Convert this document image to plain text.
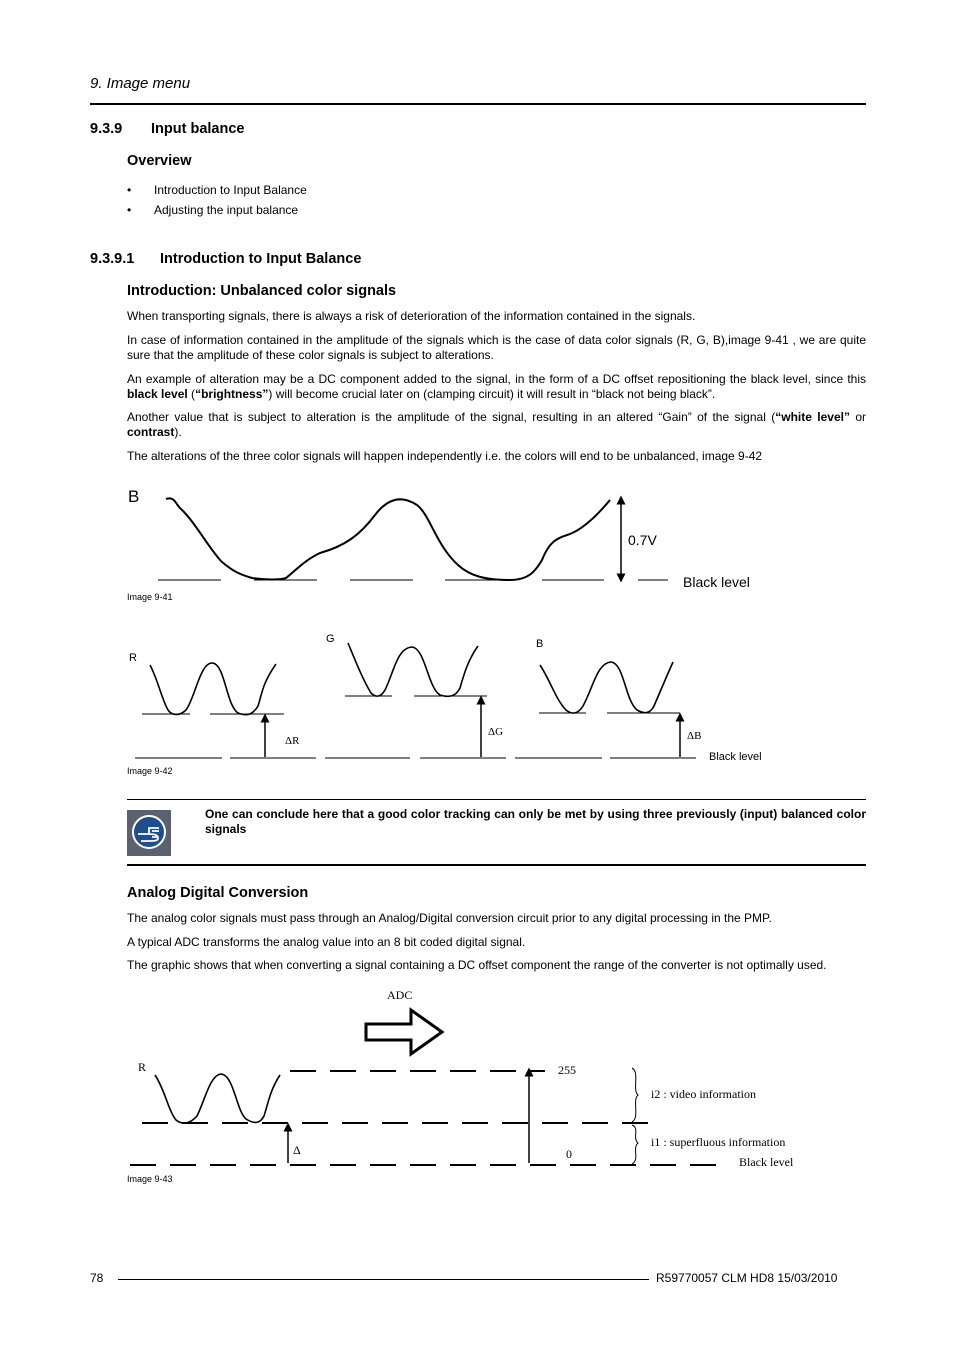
9. Image menu
9.3.9 Input balance
Overview
• Introduction to Input Balance
• Adjusting the input balance
9.3.9.1 Introduction to Input Balance
Introduction: Unbalanced color signals
When transporting signals, there is always a risk of deterioration of the information contained in the signals.
In case of information contained in the amplitude of the signals which is the case of data color signals (R, G, B),image 9-41 , we are quite sure that the amplitude of these color signals is subject to alterations.
An example of alteration may be a DC component added to the signal, in the form of a DC offset repositioning the black level, since this black level (“brightness”) will become crucial later on (clamping circuit) it will result in “black not being black”.
Another value that is subject to alteration is the amplitude of the signal, resulting in an altered “Gain” of the signal (“white level” or contrast).
The alterations of the three color signals will happen independently i.e. the colors will end to be unbalanced, image 9-42
B
0.7V
Black level
Image 9-41
R
G	B
ΔR
ΔG	ΔB
Black level
Image 9-42
One can conclude here that a good color tracking can only be met by using three previously (input) balanced color signals
Analog Digital Conversion
The analog color signals must pass through an Analog/Digital conversion circuit prior to any digital processing in the PMP.
A typical ADC transforms the analog value into an 8 bit coded digital signal.
The graphic shows that when converting a signal containing a DC offset component the range of the converter is not optimally used.
ADC
R
Δ
255
0
i2 : video information
i1 : superfluous information
Black level
Image 9-43
78	R59770057 CLM HD8 15/03/2010
